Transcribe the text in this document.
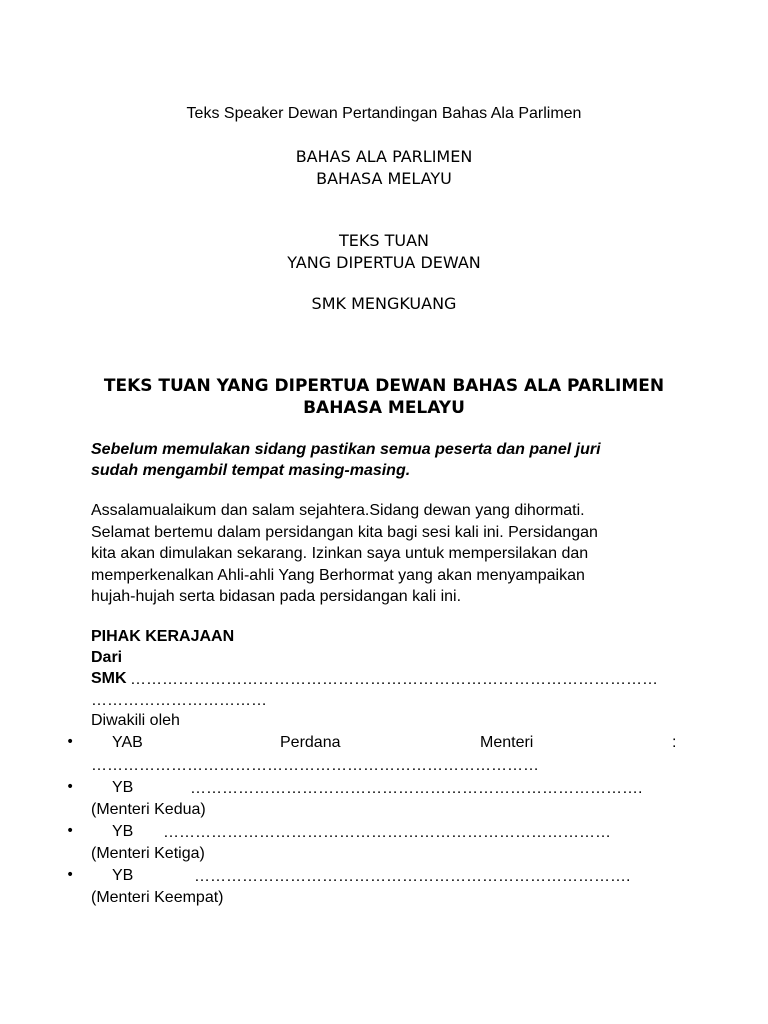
Teks Speaker Dewan Pertandingan Bahas Ala Parlimen

BAHAS ALA PARLIMEN

BAHASA MELAYU

TEKS TUAN

YANG DIPERTUA DEWAN

SMK MENGKUANG

TEKS TUAN YANG DIPERTUA DEWAN BAHAS ALA PARLIMEN

BAHASA MELAYU

Sebelum memulakan sidang pastikan semua peserta dan panel juri

sudah mengambil tempat masing-masing.

Assalamualaikum dan salam sejahtera.Sidang dewan yang dihormati.

Selamat bertemu dalam persidangan kita bagi sesi kali ini. Persidangan

kita akan dimulakan sekarang. Izinkan saya untuk mempersilakan dan

memperkenalkan Ahli-ahli Yang Berhormat yang akan menyampaikan

hujah-hujah serta bidasan pada persidangan kali ini.

PIHAK KERAJAAN

Dari

SMK ………………………………………………………………………………………
……………………………

Diwakili oleh

• YAB	Perdana	Menteri	:
…………………………………………………………………………
• YB	………………………………………………………………………….

(Menteri Kedua)

• YB …………………………………………………………………………

(Menteri Ketiga)

• YB	……………………………………………………………………….

(Menteri Keempat)
